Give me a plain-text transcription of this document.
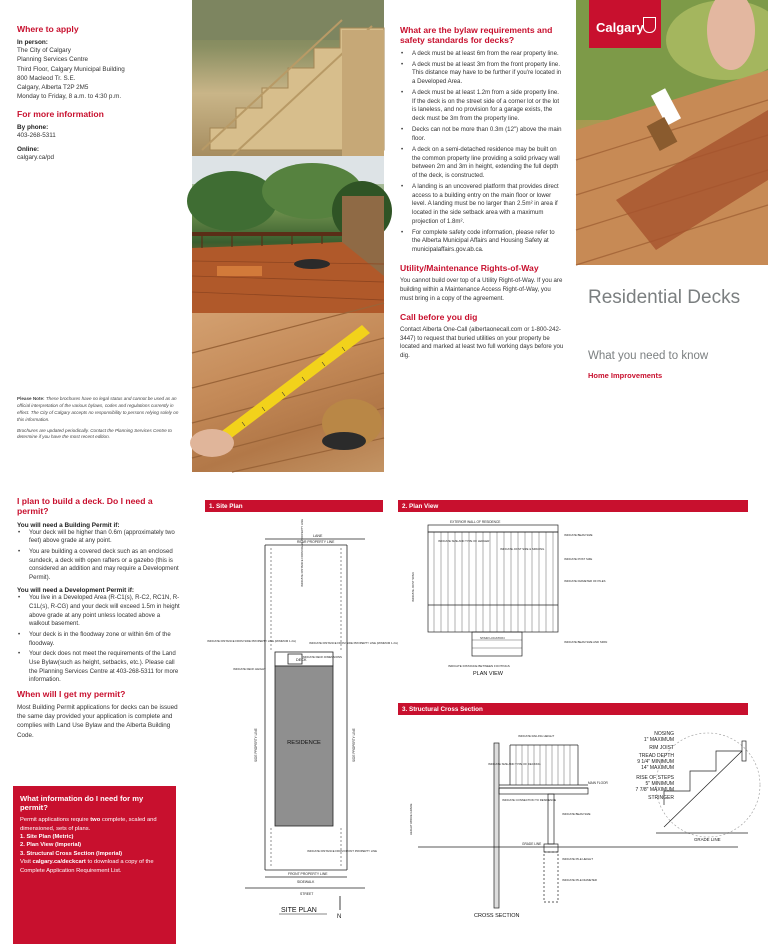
Where to apply
In person:

The City of Calgary

Planning Services Centre

Third Floor, Calgary Municipal Building

800 Macleod Tr. S.E.

Calgary, Alberta T2P 2M5

Monday to Friday, 8 a.m. to 4:30 p.m.

For more information
By phone:

403-268-5311

Online:

calgary.ca/pd

Please Note: These brochures have no legal status and cannot be used as an official interpretation of the various bylaws, codes and regulations currently in effect. The City of Calgary accepts no responsibility to persons relying solely on this information.

Brochures are updated periodically. Contact the Planning Services Centre to determine if you have the most recent edition.

What are the bylaw requirements and safety standards for decks?
• A deck must be at least 6m from the rear property line.
• A deck must be at least 3m from the front property line. This distance may have to be further if you're located in a Developed Area.
• A deck must be at least 1.2m from a side property line. If the deck is on the street side of a corner lot or the lot is laneless, and no provision for a garage exists, the deck must be 3m from the property line.
• Decks can not be more than 0.3m (12") above the main floor.
• A deck on a semi-detached residence may be built on the common property line providing a solid privacy wall between 2m and 3m in height, extending the full depth of the deck, is constructed.
• A landing is an uncovered platform that provides direct access to a building entry on the main floor or lower level. A landing must be no larger than 2.5m² in area if located in the side setback area with a maximum projection of 1.8m².
• For complete safety code information, please refer to the Alberta Municipal Affairs and Housing Safety at municipalaffairs.gov.ab.ca.
Utility/Maintenance Rights-of-Way

You cannot build over top of a Utility Right-of-Way. If you are building within a Maintenance Access Right-of-Way, you must bring in a copy of the agreement.

Call before you dig

Contact Alberta One-Call (albertaonecall.com or 1-800-242-3447) to request that buried utilities on your property be located and marked at least two full working days before you dig.

Calgary
Residential Decks
What you need to know
Home Improvements
I plan to build a deck. Do I need a permit?
You will need a Building Permit if:
• Your deck will be higher than 0.6m (approximately two feet) above grade at any point.
• You are building a covered deck such as an enclosed sundeck, a deck with open rafters or a gazebo (this is considered an addition and may require a Development Permit).
You will need a Development Permit if:
• You live in a Developed Area (R-C1(s), R-C2, RC1N, R-C1L(s), R-CG) and your deck will exceed 1.5m in height above grade at any point unless located above a walkout basement.
• Your deck is in the floodway zone or within 6m of the floodway.
• Your deck does not meet the requirements of the Land Use Bylaw(such as height, setbacks, etc.). Please call the Planning Services Centre at 403-268-5311 for more information.
When will I get my permit?

Most Building Permit applications for decks can be issued the same day provided your application is complete and complies with Land Use Bylaw and the Alberta Building Code.

What information do I need for my permit?

Permit applications require two complete, scaled and dimensioned, sets of plans.

1. Site Plan (Metric)

2. Plan View (Imperial)

3. Structural Cross Section (Imperial)

Visit calgary.ca/deckcart to download a copy of the Complete Application Requirement List.

1. Site Plan
LANE
REAR PROPERTY LINE
RESIDENCE
DECK
FRONT PROPERTY LINE
SIDEWALK
STREET
SITE PLAN
N
SIDE PROPERTY LINE	SIDE PROPERTY LINE
INDICATE DISTANCE FROM SIDE PROPERTY LINE (MINIMUM 1.2m)	INDICATE DISTANCE FROM SIDE PROPERTY LINE (MINIMUM 1.2m)
INDICATE DECK DIMENSIONS
INDICATE DECK HEIGHT
INDICATE DISTANCE FROM FRONT PROPERTY LINE
INDICATE DISTANCE FROM REAR PROPERTY LINE
2. Plan View
EXTERIOR WALL OF RESIDENCE
STAIR LOCATION
INDICATE DISTANCE BETWEEN FOOTINGS
PLAN VIEW
INDICATE SIZE AND TYPE OF LEDGER
INDICATE JOIST SIZE & SPACING
INDICATE BEAM SIZE
INDICATE POST SIZE
INDICATE DIAMETER OF PILES
INDICATE BEAM SIZE AND SPAN
INDICATE JOIST SPAN
3. Structural Cross Section
INDICATE RAILING HEIGHT
INDICATE SIZE AND TYPE OF DECKING
INDICATE CONNECTION TO RESIDENCE
INDICATE BEAM SIZE
INDICATE PILE HEIGHT
INDICATE PILE DIAMETER
HEIGHT ABOVE GRADE
MAIN FLOOR
GRADE LINE
CROSS SECTION
NOSING
1" MAXIMUM
RIM JOIST
TREAD DEPTH
9 1/4" MINIMUM
14" MAXIMUM
RISE OF STEPS
5" MINIMUM
7 7/8" MAXIMUM
STRINGER
GRADE LINE
